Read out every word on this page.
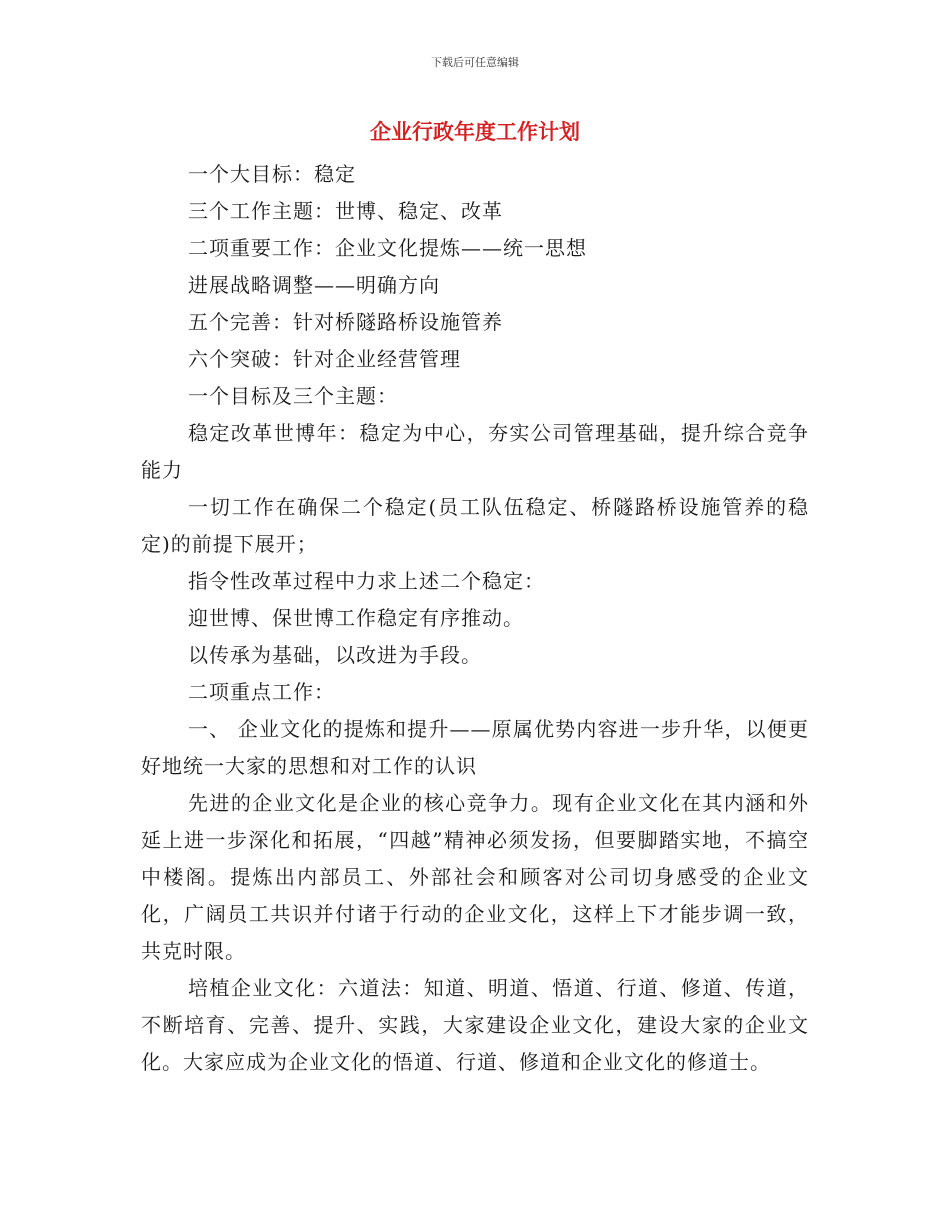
下载后可任意编辑
企业行政年度工作计划

一个大目标：稳定

三个工作主题：世博、稳定、改革

二项重要工作：企业文化提炼——统一思想

进展战略调整——明确方向

五个完善：针对桥隧路桥设施管养

六个突破：针对企业经营管理

一个目标及三个主题：

稳定改革世博年：稳定为中心，夯实公司管理基础，提升综合竞争能力

一切工作在确保二个稳定(员工队伍稳定、桥隧路桥设施管养的稳定)的前提下展开；

指令性改革过程中力求上述二个稳定：

迎世博、保世博工作稳定有序推动。

以传承为基础，以改进为手段。

二项重点工作：

一、 企业文化的提炼和提升——原属优势内容进一步升华，以便更好地统一大家的思想和对工作的认识

先进的企业文化是企业的核心竞争力。现有企业文化在其内涵和外延上进一步深化和拓展，“四越”精神必须发扬，但要脚踏实地，不搞空中楼阁。提炼出内部员工、外部社会和顾客对公司切身感受的企业文化，广阔员工共识并付诸于行动的企业文化，这样上下才能步调一致，共克时限。

培植企业文化：六道法：知道、明道、悟道、行道、修道、传道，不断培育、完善、提升、实践，大家建设企业文化，建设大家的企业文化。大家应成为企业文化的悟道、行道、修道和企业文化的修道士。
